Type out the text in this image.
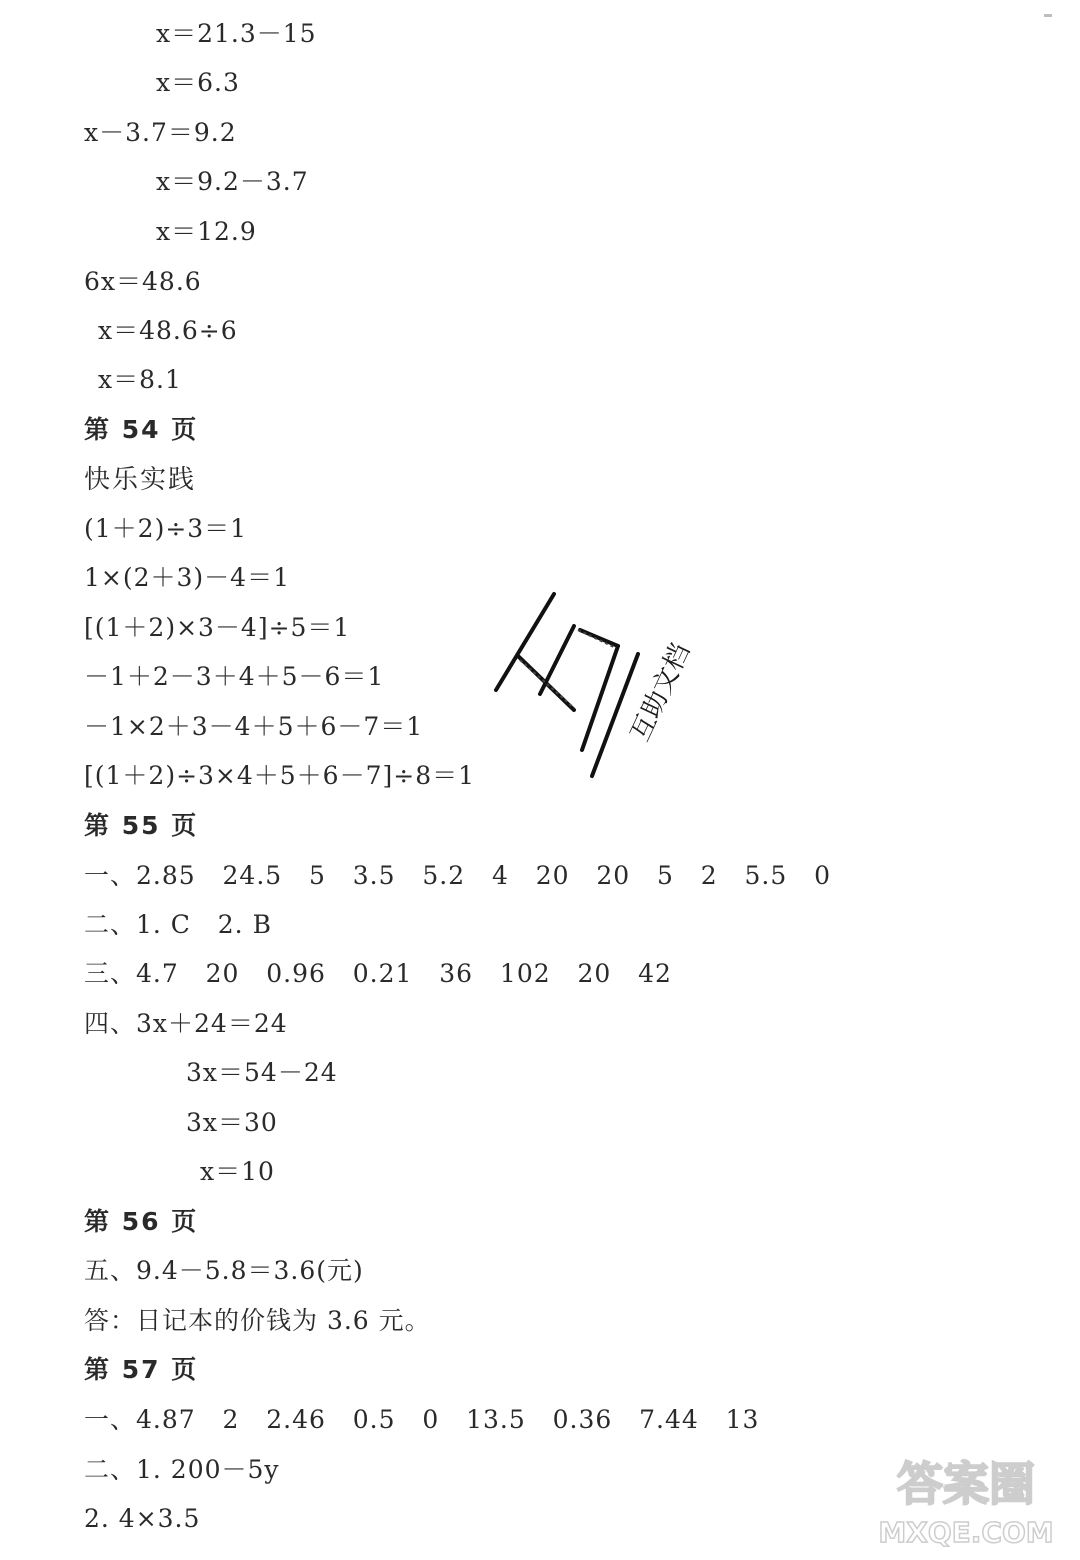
x＝21.3－15
x＝6.3
x－3.7＝9.2
x＝9.2－3.7
x＝12.9
6x＝48.6
x＝48.6÷6
x＝8.1
第 54 页
快乐实践
(1＋2)÷3＝1
1×(2＋3)－4＝1
[(1＋2)×3－4]÷5＝1
－1＋2－3＋4＋5－6＝1
－1×2＋3－4＋5＋6－7＝1
[(1＋2)÷3×4＋5＋6－7]÷8＝1
第 55 页
一、2.85   24.5   5   3.5   5.2   4   20   20   5   2   5.5   0
二、1. C   2. B
三、4.7   20   0.96   0.21   36   102   20   42
四、3x＋24＝24
3x＝54－24
3x＝30
x＝10
第 56 页
五、9.4－5.8＝3.6(元)
答：日记本的价钱为 3.6 元。
第 57 页
一、4.87   2   2.46   0.5   0   13.5   0.36   7.44   13
二、1. 200－5y
2. 4×3.5
互助文档
答案圈
MXQE.COM
